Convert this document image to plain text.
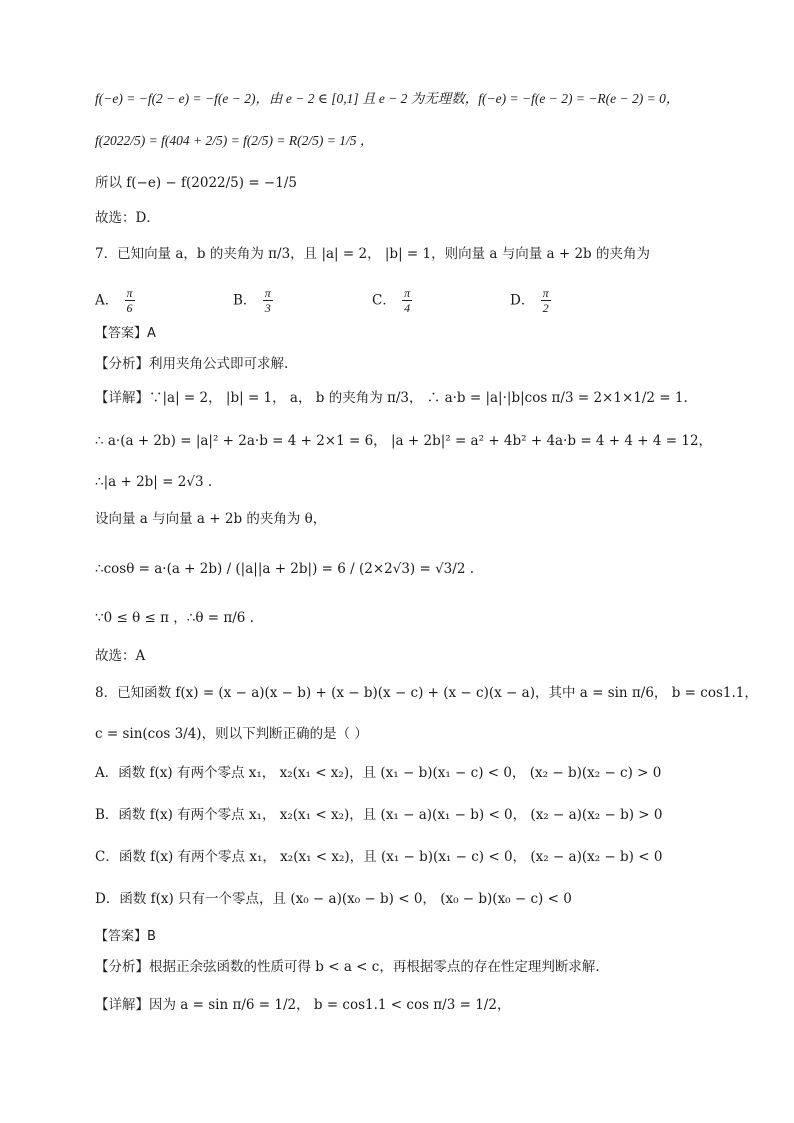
f(−e) = −f(2 − e) = −f(e − 2)，由 e − 2 ∈ [0,1] 且 e − 2 为无理数，f(−e) = −f(e − 2) = −R(e − 2) = 0，
f(2022/5) = f(404 + 2/5) = f(2/5) = R(2/5) = 1/5 ，
所以 f(−e) − f(2022/5) = −1/5
故选：D．
7．已知向量 a，b 的夹角为 π/3，且 |a| = 2， |b| = 1，则向量 a 与向量 a + 2b 的夹角为
A． $\frac{\pi}{6}$	B． $\frac{\pi}{3}$	C． $\frac{\pi}{4}$	D． $\frac{\pi}{2}$
【答案】A
【分析】利用夹角公式即可求解.
【详解】∵|a| = 2， |b| = 1， a， b 的夹角为 π/3， ∴ a·b = |a|·|b|cos π/3 = 2×1×1/2 = 1.
∴ a·(a + 2b) = |a|² + 2a·b = 4 + 2×1 = 6， |a + 2b|² = a² + 4b² + 4a·b = 4 + 4 + 4 = 12，
∴|a + 2b| = 2√3 .
设向量 a 与向量 a + 2b 的夹角为 θ，
∴cosθ = a·(a + 2b) / (|a||a + 2b|) = 6 / (2×2√3) = √3/2 .
∵0 ≤ θ ≤ π ，∴θ = π/6 .
故选：A
8．已知函数 f(x) = (x − a)(x − b) + (x − b)(x − c) + (x − c)(x − a)，其中 a = sin π/6， b = cos1.1，
c = sin(cos 3/4)，则以下判断正确的是（ ）
A．函数 f(x) 有两个零点 x₁， x₂(x₁ < x₂)，且 (x₁ − b)(x₁ − c) < 0， (x₂ − b)(x₂ − c) > 0
B．函数 f(x) 有两个零点 x₁， x₂(x₁ < x₂)，且 (x₁ − a)(x₁ − b) < 0， (x₂ − a)(x₂ − b) > 0
C．函数 f(x) 有两个零点 x₁， x₂(x₁ < x₂)，且 (x₁ − b)(x₁ − c) < 0， (x₂ − a)(x₂ − b) < 0
D．函数 f(x) 只有一个零点，且 (x₀ − a)(x₀ − b) < 0， (x₀ − b)(x₀ − c) < 0
【答案】B
【分析】根据正余弦函数的性质可得 b < a < c，再根据零点的存在性定理判断求解.
【详解】因为 a = sin π/6 = 1/2， b = cos1.1 < cos π/3 = 1/2，
